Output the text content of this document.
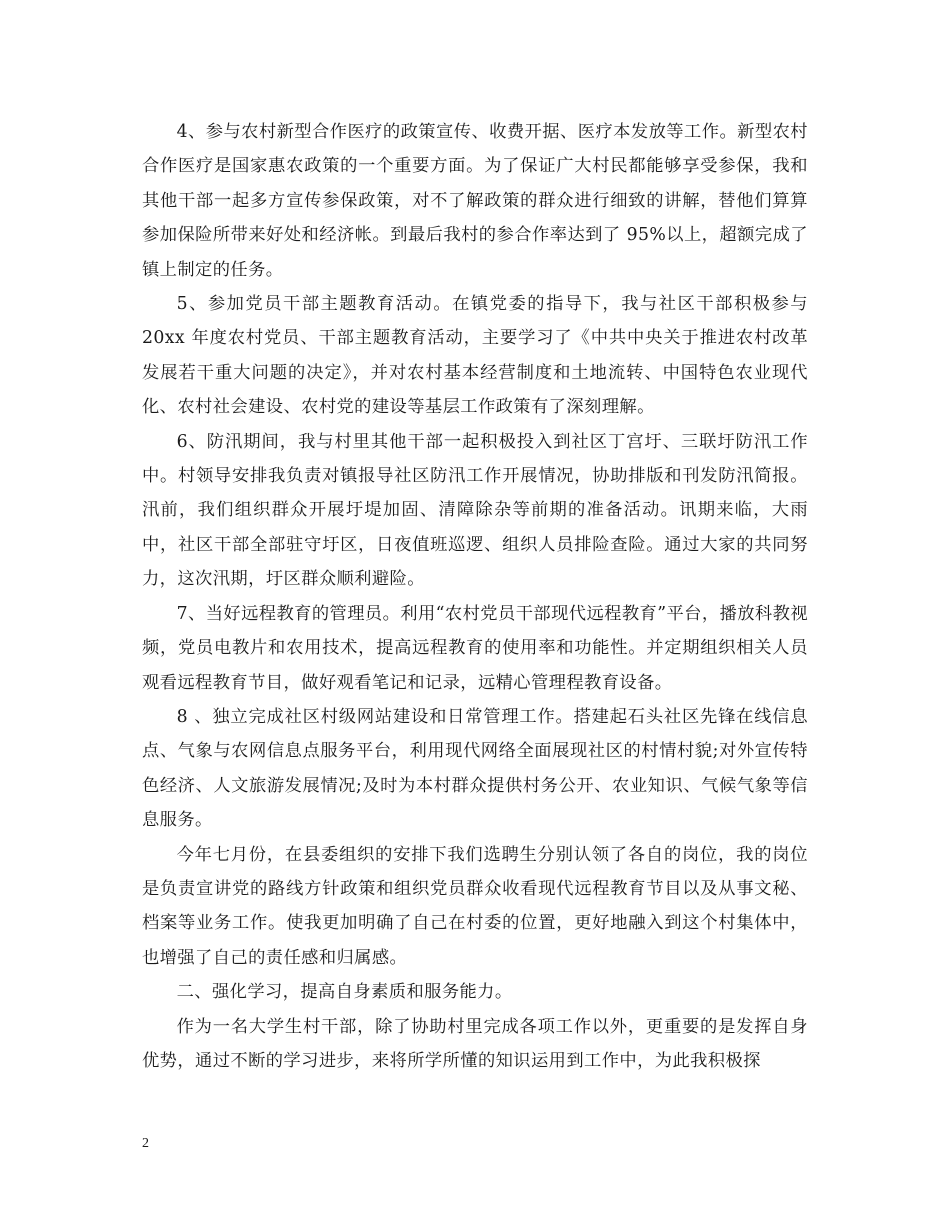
4、参与农村新型合作医疗的政策宣传、收费开据、医疗本发放等工作。新型农村合作医疗是国家惠农政策的一个重要方面。为了保证广大村民都能够享受参保，我和其他干部一起多方宣传参保政策，对不了解政策的群众进行细致的讲解，替他们算算参加保险所带来好处和经济帐。到最后我村的参合作率达到了 95%以上，超额完成了镇上制定的任务。

5、参加党员干部主题教育活动。在镇党委的指导下，我与社区干部积极参与20xx 年度农村党员、干部主题教育活动，主要学习了《中共中央关于推进农村改革发展若干重大问题的决定》，并对农村基本经营制度和土地流转、中国特色农业现代化、农村社会建设、农村党的建设等基层工作政策有了深刻理解。

6、防汛期间，我与村里其他干部一起积极投入到社区丁宫圩、三联圩防汛工作中。村领导安排我负责对镇报导社区防汛工作开展情况，协助排版和刊发防汛简报。汛前，我们组织群众开展圩堤加固、清障除杂等前期的准备活动。讯期来临，大雨中，社区干部全部驻守圩区，日夜值班巡逻、组织人员排险查险。通过大家的共同努力，这次汛期，圩区群众顺利避险。

7、当好远程教育的管理员。利用“农村党员干部现代远程教育”平台，播放科教视频，党员电教片和农用技术，提高远程教育的使用率和功能性。并定期组织相关人员观看远程教育节目，做好观看笔记和记录，远精心管理程教育设备。

8 、独立完成社区村级网站建设和日常管理工作。搭建起石头社区先锋在线信息点、气象与农网信息点服务平台，利用现代网络全面展现社区的村情村貌;对外宣传特色经济、人文旅游发展情况;及时为本村群众提供村务公开、农业知识、气候气象等信息服务。

今年七月份，在县委组织的安排下我们选聘生分别认领了各自的岗位，我的岗位是负责宣讲党的路线方针政策和组织党员群众收看现代远程教育节目以及从事文秘、档案等业务工作。使我更加明确了自己在村委的位置，更好地融入到这个村集体中，也增强了自己的责任感和归属感。

二、强化学习，提高自身素质和服务能力。

作为一名大学生村干部，除了协助村里完成各项工作以外，更重要的是发挥自身优势，通过不断的学习进步，来将所学所懂的知识运用到工作中，为此我积极探

2
